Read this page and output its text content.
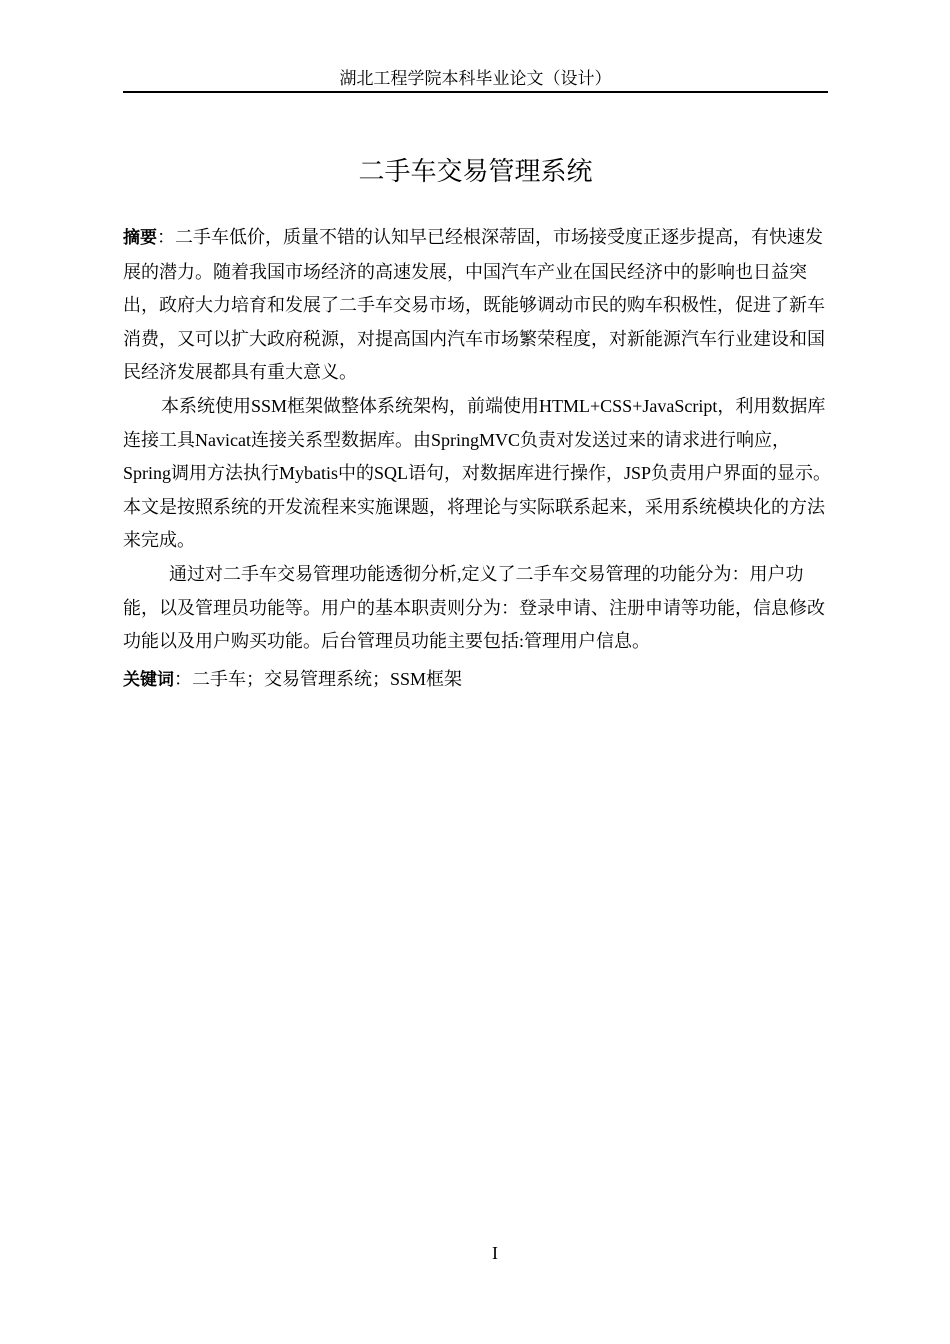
湖北工程学院本科毕业论文（设计）
二手车交易管理系统

摘要：二手车低价，质量不错的认知早已经根深蒂固，市场接受度正逐步提高，有快速发展的潜力。随着我国市场经济的高速发展，中国汽车产业在国民经济中的影响也日益突出，政府大力培育和发展了二手车交易市场，既能够调动市民的购车积极性，促进了新车消费，又可以扩大政府税源，对提高国内汽车市场繁荣程度，对新能源汽车行业建设和国民经济发展都具有重大意义。

本系统使用SSM框架做整体系统架构，前端使用HTML+CSS+JavaScript，利用数据库连接工具Navicat连接关系型数据库。由SpringMVC负责对发送过来的请求进行响应，Spring调用方法执行Mybatis中的SQL语句，对数据库进行操作，JSP负责用户界面的显示。本文是按照系统的开发流程来实施课题，将理论与实际联系起来，采用系统模块化的方法来完成。

通过对二手车交易管理功能透彻分析,定义了二手车交易管理的功能分为：用户功能，以及管理员功能等。用户的基本职责则分为：登录申请、注册申请等功能，信息修改功能以及用户购买功能。后台管理员功能主要包括:管理用户信息。

关键词：二手车；交易管理系统；SSM框架

I
